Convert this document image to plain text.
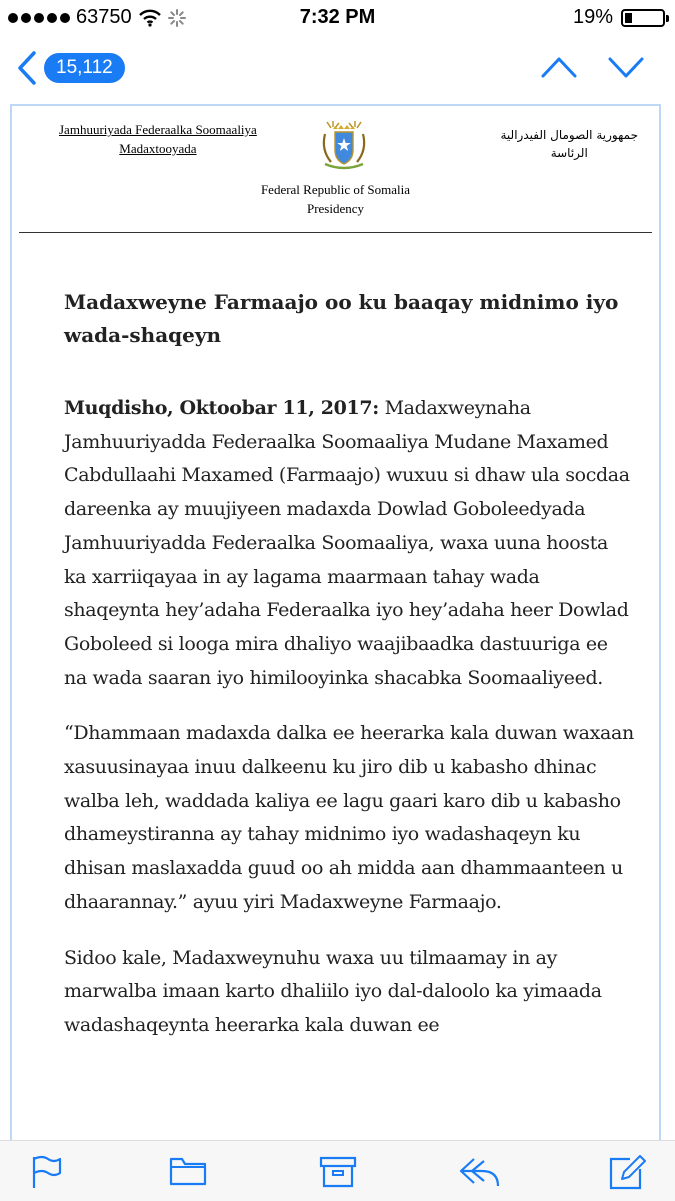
63750	7:32 PM	19%
15,112
Jamhuuriyada Federaalka Soomaaliya
Madaxtooyada
جمهورية الصومال الفيدرالية
الرئاسة
Federal Republic of Somalia
Presidency
Madaxweyne Farmaajo oo ku baaqay midnimo iyo wada-shaqeyn

Muqdisho, Oktoobar 11, 2017: Madaxweynaha Jamhuuriyadda Federaalka Soomaaliya Mudane Maxamed Cabdullaahi Maxamed (Farmaajo) wuxuu si dhaw ula socdaa dareenka ay muujiyeen madaxda Dowlad Goboleedyada Jamhuuriyadda Federaalka Soomaaliya, waxa uuna hoosta ka xarriiqayaa in ay lagama maarmaan tahay wada shaqeynta hey’adaha Federaalka iyo hey’adaha heer Dowlad Goboleed si looga mira dhaliyo waajibaadka dastuuriga ee na wada saaran iyo himilooyinka shacabka Soomaaliyeed.

“Dhammaan madaxda dalka ee heerarka kala duwan waxaan xasuusinayaa inuu dalkeenu ku jiro dib u kabasho dhinac walba leh, waddada kaliya ee lagu gaari karo dib u kabasho dhameystiranna ay tahay midnimo iyo wadashaqeyn ku dhisan maslaxadda guud oo ah midda aan dhammaanteen u dhaarannay.” ayuu yiri Madaxweyne Farmaajo.

Sidoo kale, Madaxweynuhu waxa uu tilmaamay in ay marwalba imaan karto dhaliilo iyo dal-daloolo ka yimaada wadashaqeynta heerarka kala duwan ee
